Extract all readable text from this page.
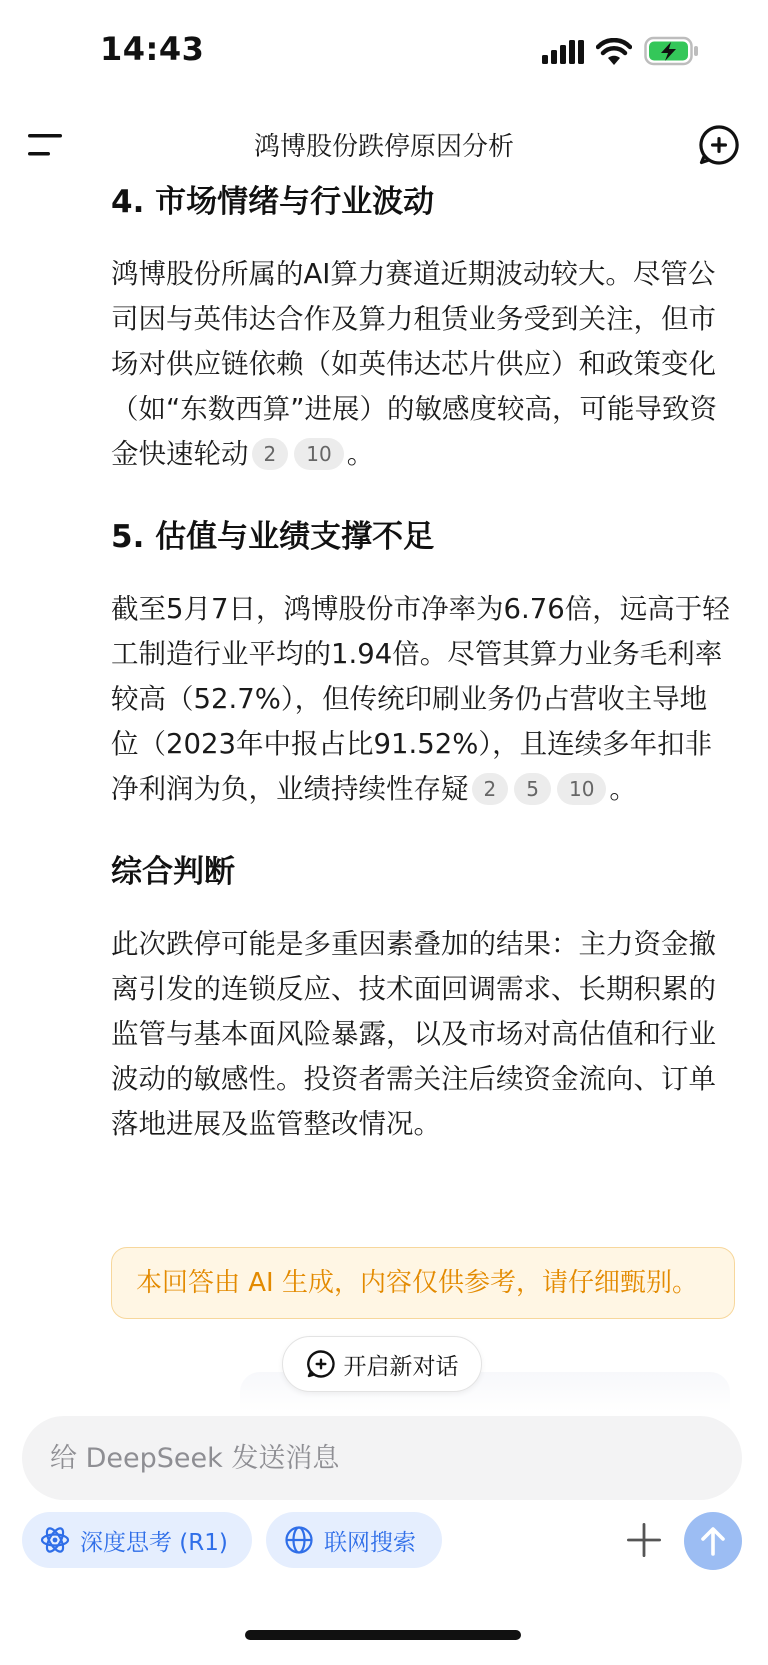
14:43
鸿博股份跌停原因分析
4. 市场情绪与行业波动

鸿博股份所属的AI算力赛道近期波动较大。尽管公司因与英伟达合作及算力租赁业务受到关注，但市场对供应链依赖（如英伟达芯片供应）和政策变化（如“东数西算”进展）的敏感度较高，可能导致资金快速轮动 2 10 。

5. 估值与业绩支撑不足

截至5月7日，鸿博股份市净率为6.76倍，远高于轻工制造行业平均的1.94倍。尽管其算力业务毛利率较高（52.7%），但传统印刷业务仍占营收主导地位（2023年中报占比91.52%），且连续多年扣非净利润为负，业绩持续性存疑 2 5 10 。

综合判断

此次跌停可能是多重因素叠加的结果：主力资金撤离引发的连锁反应、技术面回调需求、长期积累的监管与基本面风险暴露，以及市场对高估值和行业波动的敏感性。投资者需关注后续资金流向、订单落地进展及监管整改情况。

本回答由 AI 生成，内容仅供参考，请仔细甄别。
开启新对话
给 DeepSeek 发送消息
深度思考 (R1)	联网搜索
